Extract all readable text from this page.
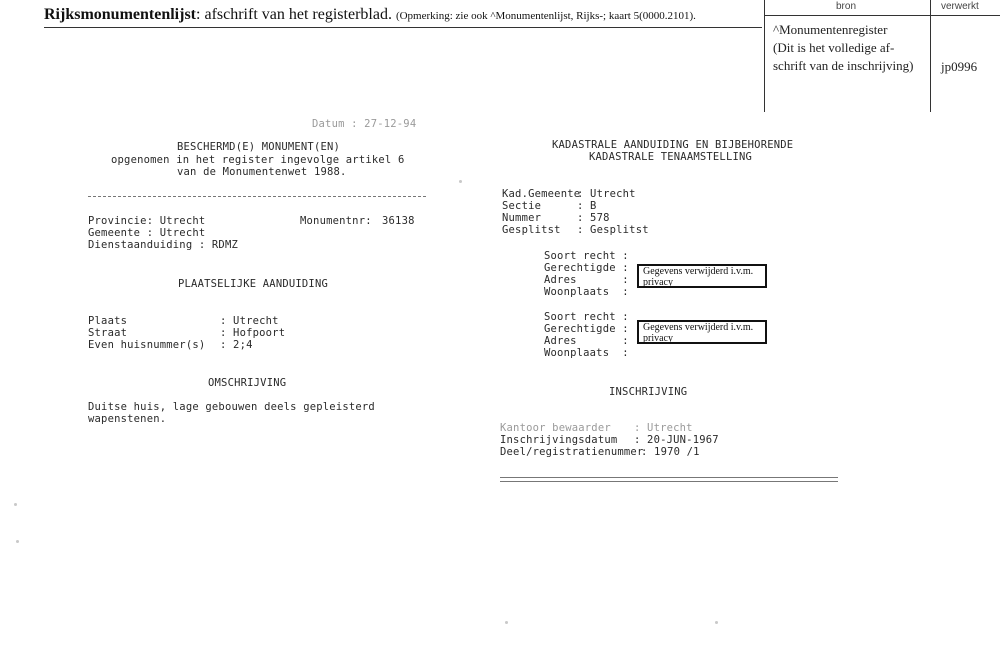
Rijksmonumentenlijst: afschrift van het registerblad. (Opmerking: zie ook ^Monumentenlijst, Rijks-; kaart 5(0000.2101).
bron	verwerkt
^Monumentenregister
(Dit is het volledige af-
schrift van de inschrijving) jp0996
Datum : 27-12-94
BESCHERMD(E) MONUMENT(EN)
opgenomen in het register ingevolge artikel 6
van de Monumentenwet 1988.
Provincie: Utrecht	Monumentnr: 36138
Gemeente : Utrecht
Dienstaanduiding : RDMZ
PLAATSELIJKE AANDUIDING
Plaats	: Utrecht
Straat	: Hofpoort
Even huisnummer(s) : 2;4
OMSCHRIJVING
Duitse huis, lage gebouwen deels gepleisterd
wapenstenen.
KADASTRALE AANDUIDING EN BIJBEHORENDE
KADASTRALE TENAAMSTELLING
Kad.Gemeente
: Utrecht
Sectie	: B
Nummer	: 578
Gesplitst : Gesplitst
Soort recht :
Gerechtigde :
Adres       :
Woonplaats  :
Gegevens verwijderd i.v.m. privacy
Soort recht :
Gerechtigde :
Adres       :
Woonplaats  :
Gegevens verwijderd i.v.m. privacy
INSCHRIJVING
Kantoor bewaarder : Utrecht
Inschrijvingsdatum : 20-JUN-1967
Deel/registratienummer
: 1970 /1
